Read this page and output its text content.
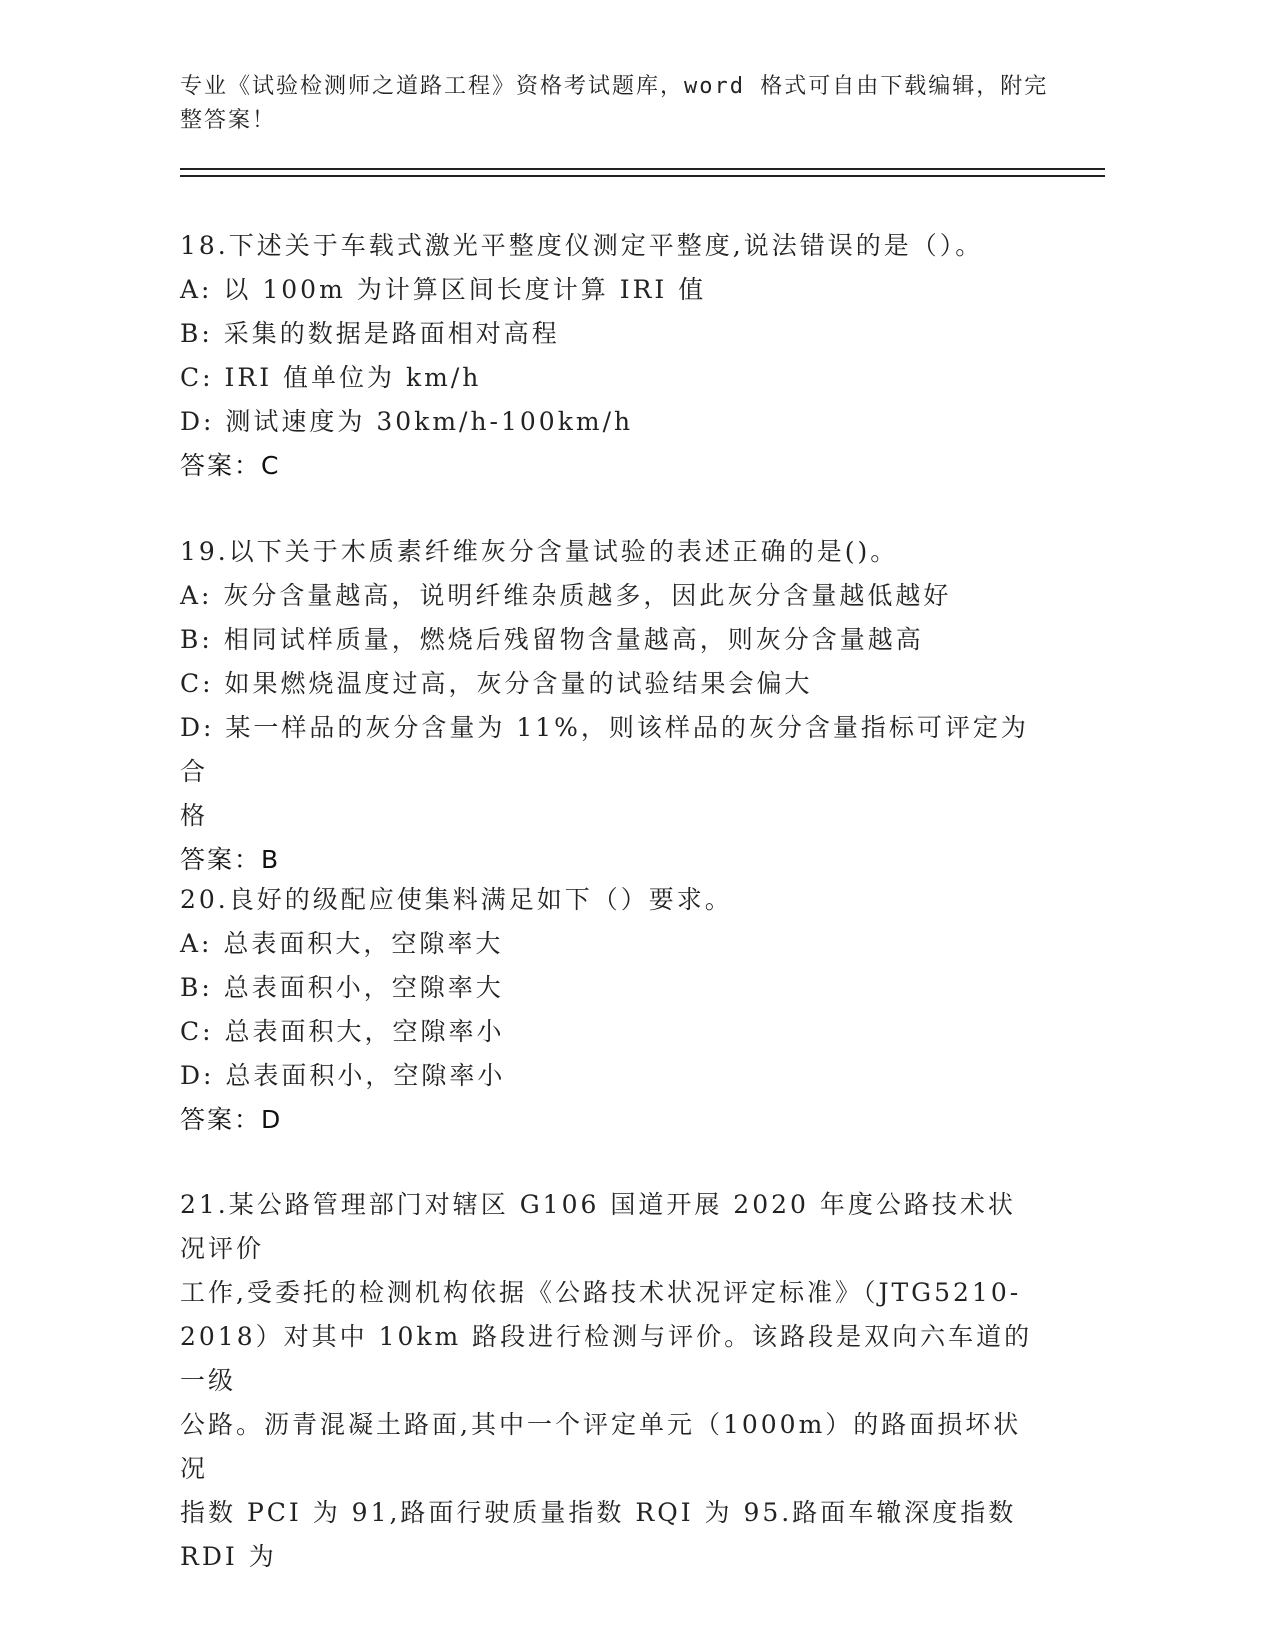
专业《试验检测师之道路工程》资格考试题库，word 格式可自由下载编辑，附完
整答案！
18.下述关于车载式激光平整度仪测定平整度,说法错误的是（）。
A: 以 100m 为计算区间长度计算 IRI 值
B: 采集的数据是路面相对高程
C: IRI 值单位为 km/h
D: 测试速度为 30km/h-100km/h
答案：C
19.以下关于木质素纤维灰分含量试验的表述正确的是()。
A: 灰分含量越高，说明纤维杂质越多，因此灰分含量越低越好
B: 相同试样质量，燃烧后残留物含量越高，则灰分含量越高
C: 如果燃烧温度过高，灰分含量的试验结果会偏大
D: 某一样品的灰分含量为 11%，则该样品的灰分含量指标可评定为合
格
答案：B
20.良好的级配应使集料满足如下（）要求。
A: 总表面积大，空隙率大
B: 总表面积小，空隙率大
C: 总表面积大，空隙率小
D: 总表面积小，空隙率小
答案：D
21.某公路管理部门对辖区 G106 国道开展 2020 年度公路技术状况评价
工作,受委托的检测机构依据《公路技术状况评定标准》（JTG5210-
2018）对其中 10km 路段进行检测与评价。该路段是双向六车道的一级
公路。沥青混凝土路面,其中一个评定单元（1000m）的路面损坏状况
指数 PCI 为 91,路面行驶质量指数 RQI 为 95.路面车辙深度指数 RDI 为
